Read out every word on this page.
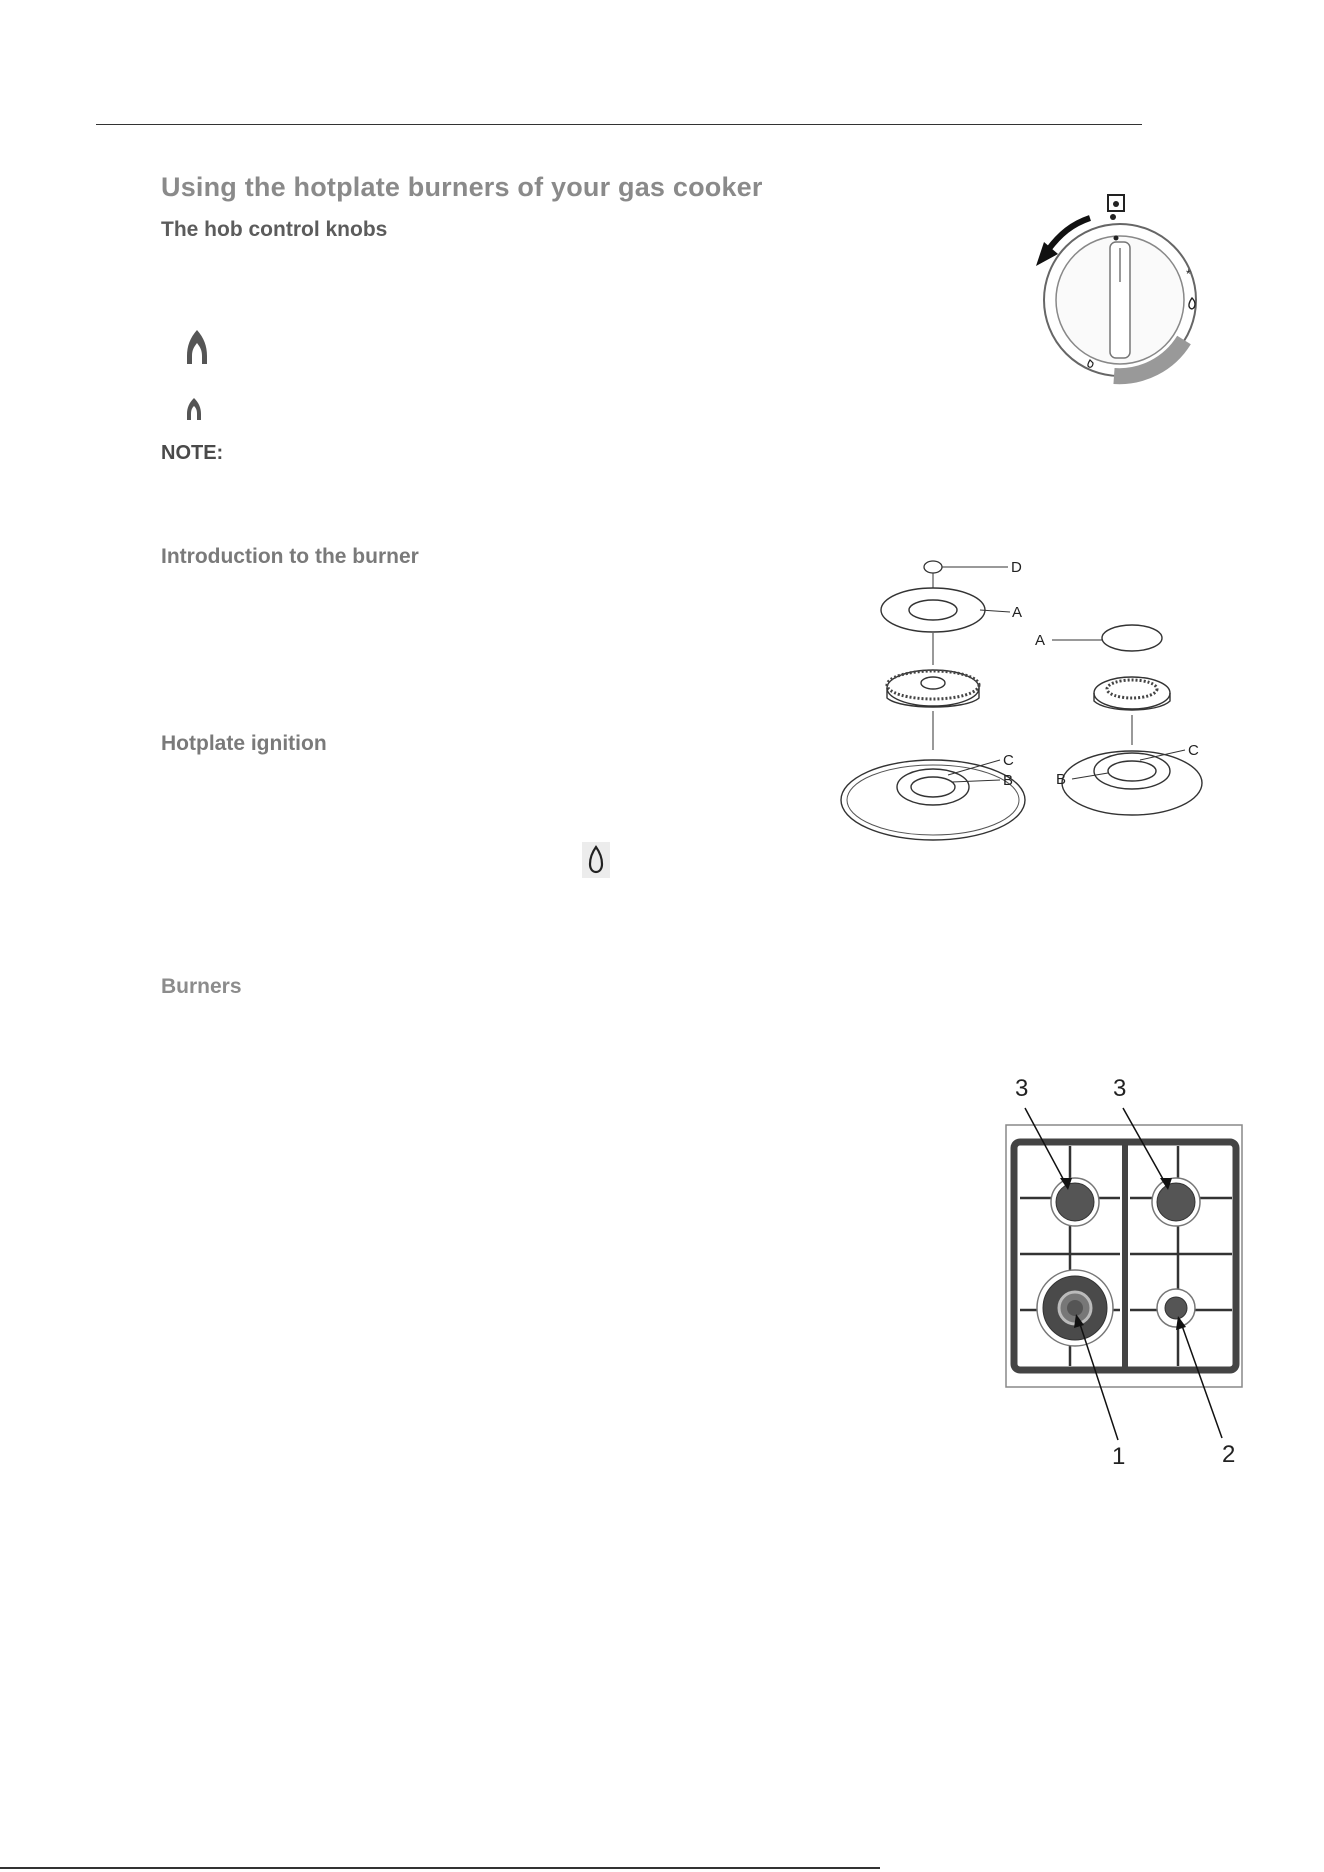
Using the hotplate burners of your gas cooker
The hob control knobs
NOTE:
Introduction to the burner
Hotplate ignition
Burners
*
D
A
C
B
A
C
B
3	3
1	2
